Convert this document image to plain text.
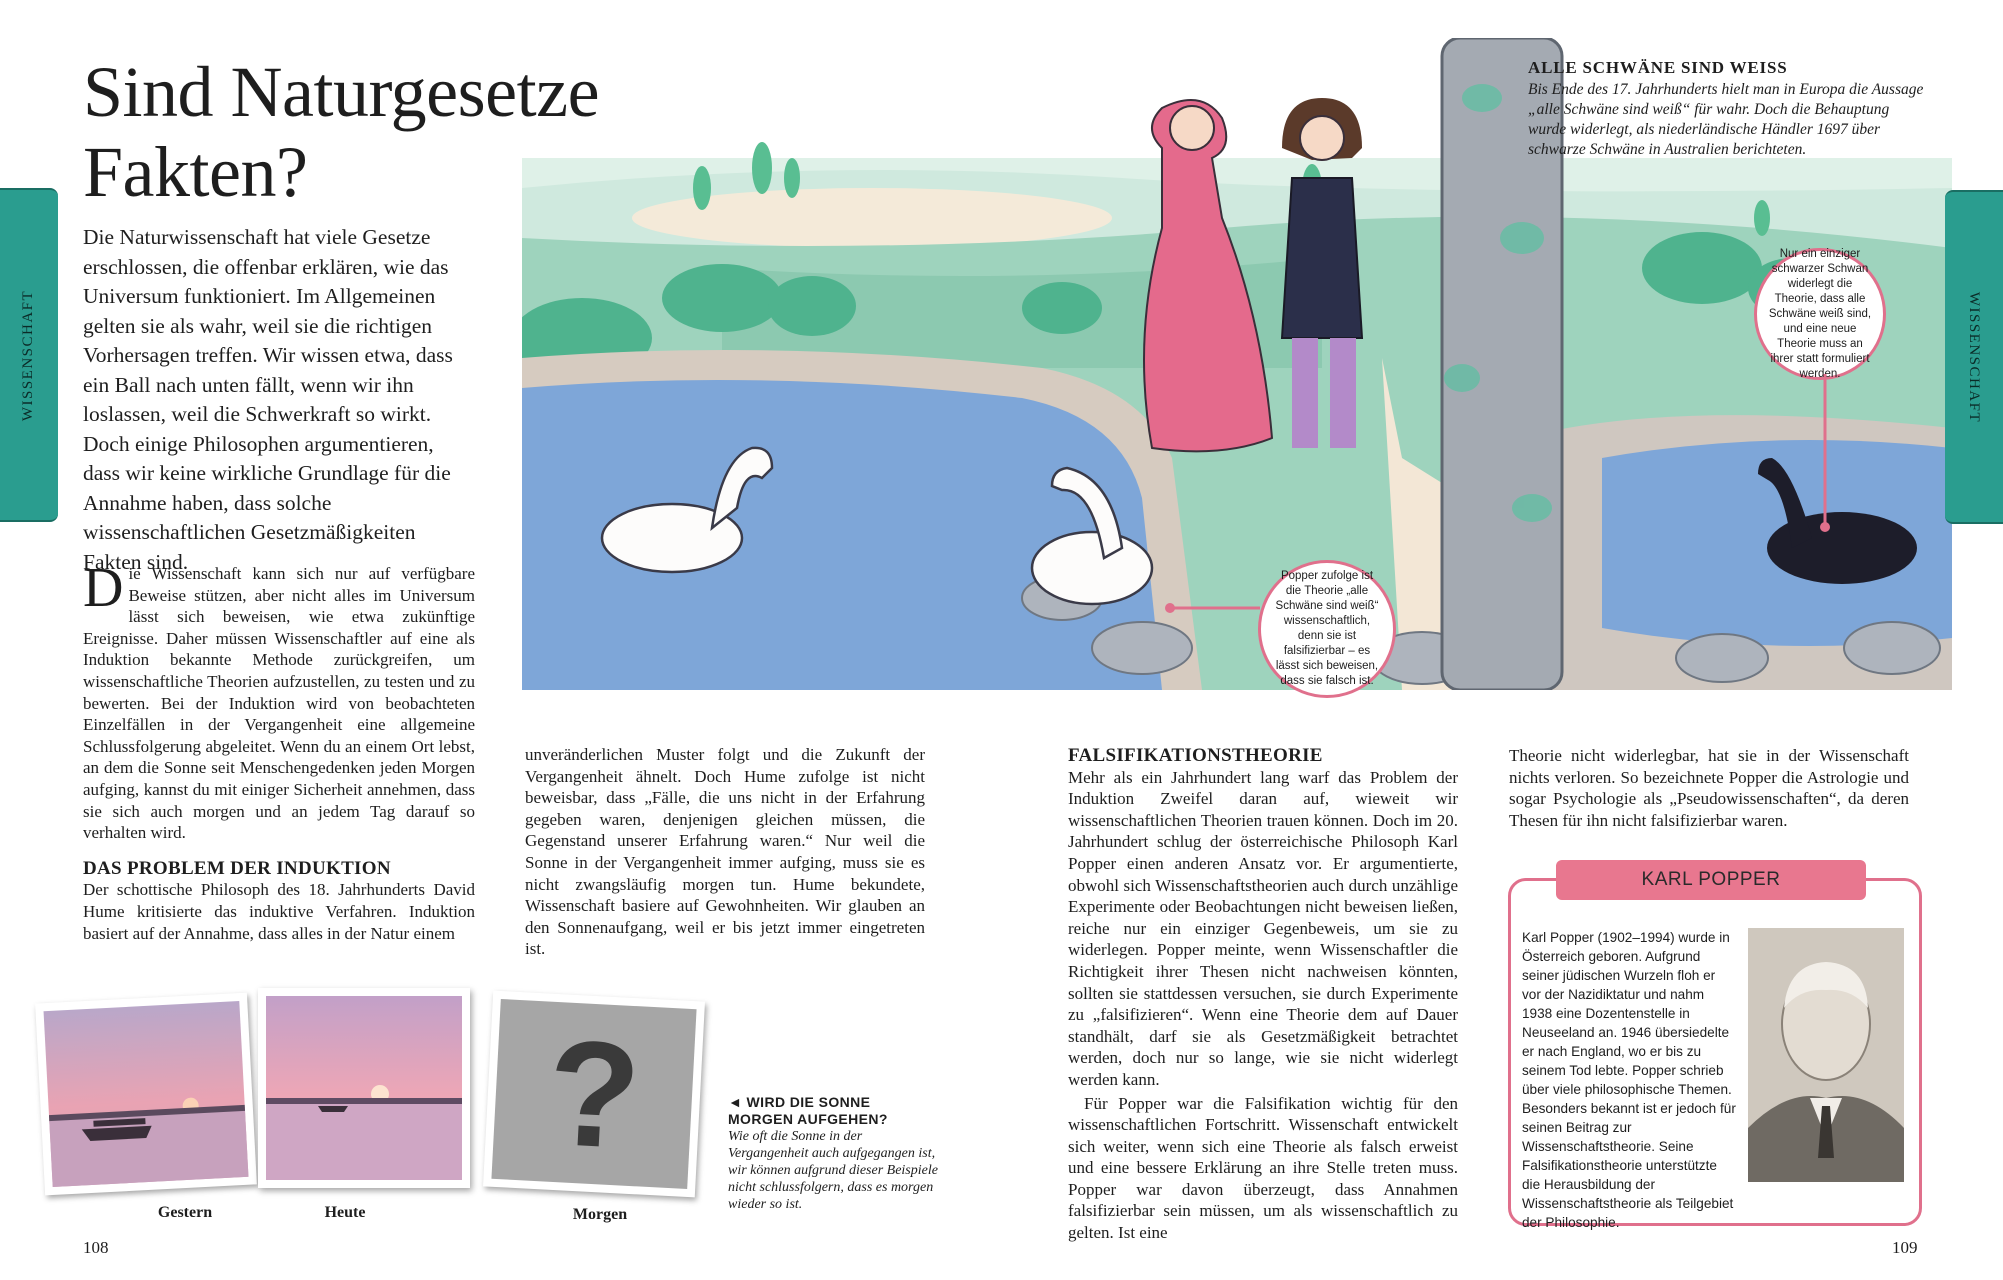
WISSENSCHAFT
Sind Naturgesetze Fakten?
Die Naturwissenschaft hat viele Gesetze erschlossen, die offenbar erklären, wie das Universum funktioniert. Im Allgemeinen gelten sie als wahr, weil sie die richtigen Vorhersagen treffen. Wir wissen etwa, dass ein Ball nach unten fällt, wenn wir ihn loslassen, weil die Schwerkraft so wirkt. Doch einige Philosophen argumentieren, dass wir keine wirkliche Grundlage für die Annahme haben, dass solche wissenschaftlichen Gesetzmäßigkeiten Fakten sind.

Die Wissenschaft kann sich nur auf verfügbare Beweise stützen, aber nicht alles im Universum lässt sich beweisen, wie etwa zukünftige Ereignisse. Daher müssen Wissenschaftler auf eine als Induktion bekannte Methode zurückgreifen, um wissenschaftliche Theorien aufzustellen, zu testen und zu bewerten. Bei der Induktion wird von beobachteten Einzelfällen in der Vergangenheit eine allgemeine Schlussfolgerung abgeleitet. Wenn du an einem Ort lebst, an dem die Sonne seit Menschengedenken jeden Morgen aufging, kannst du mit einiger Sicherheit annehmen, dass sie sich auch morgen und an jedem Tag darauf so verhalten wird.

DAS PROBLEM DER INDUKTION

Der schottische Philosoph des 18. Jahrhunderts David Hume kritisierte das induktive Verfahren. Induktion basiert auf der Annahme, dass alles in der Natur einem

unveränderlichen Muster folgt und die Zukunft der Vergangenheit ähnelt. Doch Hume zufolge ist nicht beweisbar, dass „Fälle, die uns nicht in der Erfahrung gegeben waren, denjenigen gleichen müssen, die Gegenstand unserer Erfahrung waren.“ Nur weil die Sonne in der Vergangenheit immer aufging, muss sie es nicht zwangsläufig morgen tun. Hume bekundete, Wissenschaft basiere auf Gewohnheiten. Wir glauben an den Sonnenaufgang, weil er bis jetzt immer eingetreten ist.

?
Gestern	Heute	Morgen
◄ WIRD DIE SONNE MORGEN AUFGEHEN?
Wie oft die Sonne in der Vergangenheit auch aufgegangen ist, wir können aufgrund dieser Beispiele nicht schlussfolgern, dass es morgen wieder so ist.
108
ALLE SCHWÄNE SIND WEISS
Bis Ende des 17. Jahrhunderts hielt man in Europa die Aussage „alle Schwäne sind weiß“ für wahr. Doch die Behauptung wurde widerlegt, als niederländische Händler 1697 über schwarze Schwäne in Australien berichteten.
Nur ein einziger schwarzer Schwan widerlegt die Theorie, dass alle Schwäne weiß sind, und eine neue Theorie muss an ihrer statt formuliert werden.
Popper zufolge ist die Theorie „alle Schwäne sind weiß“ wissenschaftlich, denn sie ist falsifizierbar – es lässt sich beweisen, dass sie falsch ist.
WISSENSCHAFT
FALSIFIKATIONSTHEORIE

Mehr als ein Jahrhundert lang warf das Problem der Induktion Zweifel daran auf, wieweit wir wissenschaftlichen Theorien trauen können. Doch im 20. Jahrhundert schlug der österreichische Philosoph Karl Popper einen anderen Ansatz vor. Er argumentierte, obwohl sich Wissenschaftstheorien auch durch unzählige Experimente oder Beobachtungen nicht beweisen ließen, reiche nur ein einziger Gegenbeweis, um sie zu widerlegen. Popper meinte, wenn Wissenschaftler die Richtigkeit ihrer Thesen nicht nachweisen könnten, sollten sie stattdessen versuchen, sie durch Experimente zu „falsifizieren“. Wenn eine Theorie dem auf Dauer standhält, darf sie als Gesetzmäßigkeit betrachtet werden, doch nur so lange, wie sie nicht widerlegt werden kann.

Für Popper war die Falsifikation wichtig für den wissenschaftlichen Fortschritt. Wissenschaft entwickelt sich weiter, wenn sich eine Theorie als falsch erweist und eine bessere Erklärung an ihre Stelle treten muss. Popper war davon überzeugt, dass Annahmen falsifizierbar sein müssen, um als wissenschaftlich zu gelten. Ist eine

Theorie nicht widerlegbar, hat sie in der Wissenschaft nichts verloren. So bezeichnete Popper die Astrologie und sogar Psychologie als „Pseudowissenschaften“, da deren Thesen für ihn nicht falsifizierbar waren.

KARL POPPER
Karl Popper (1902–1994) wurde in Österreich geboren. Aufgrund seiner jüdischen Wurzeln floh er vor der Nazidiktatur und nahm 1938 eine Dozentenstelle in Neuseeland an. 1946 übersiedelte er nach England, wo er bis zu seinem Tod lebte. Popper schrieb über viele philosophische Themen. Besonders bekannt ist er jedoch für seinen Beitrag zur Wissenschaftstheorie. Seine Falsifikationstheorie unterstützte die Herausbildung der Wissenschaftstheorie als Teilgebiet der Philosophie.
109
